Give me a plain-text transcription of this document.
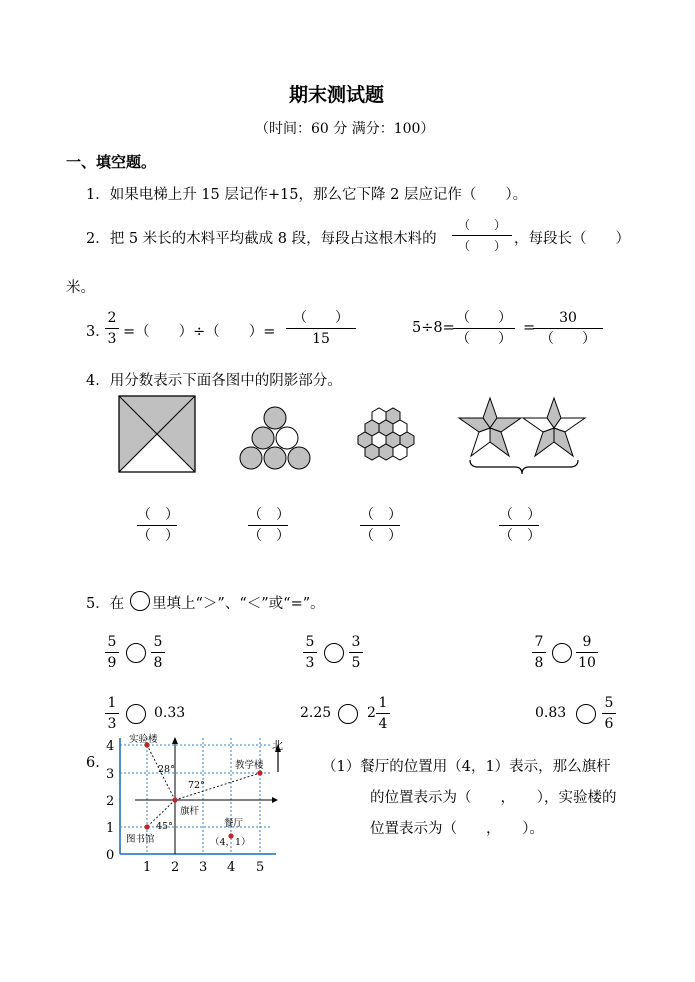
期末测试题
（时间：60 分 满分：100）
一、填空题。
1．如果电梯上升 15 层记作+15，那么它下降 2 层应记作（　　）。
2．把 5 米长的木料平均截成 8 段，每段占这根木料的
（　　）
（　　） ，每段长（　　）
米。
3．
2
3 =（　　）÷（　　）=
（　　）
15
5÷8=
（　　）
（　　）
=
30
（　　）
4．用分数表示下面各图中的阴影部分。
（　）
（　）
（　）
（　）
（　）
（　）
（　）
（　）
5．在 里填上“＞”、“＜”或“=”。
5
9
5
8
5
3
3
5
7
8
9
10
1
3
0.33	2.25	2
1
4
0.83
5
6
6.
4
3
2
1
0
1 2 3 4 5
实验楼
教学楼
旗杆
餐厅
（4，1）
图书馆
28°
72°
45°
北
（1）餐厅的位置用（4，1）表示，那么旗杆
的位置表示为（　　，　　），实验楼的
位置表示为（　　，　　）。
